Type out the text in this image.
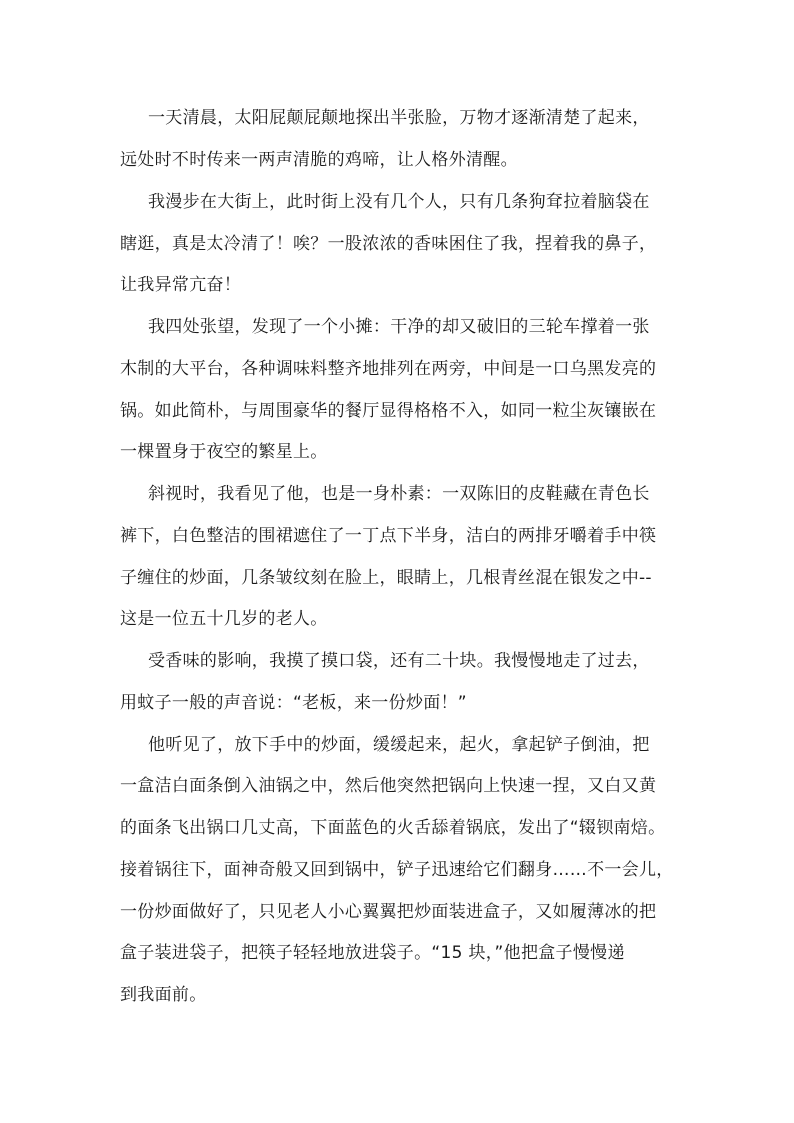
一天清晨，太阳屁颠屁颠地探出半张脸，万物才逐渐清楚了起来，
远处时不时传来一两声清脆的鸡啼，让人格外清醒。
我漫步在大街上，此时街上没有几个人，只有几条狗耷拉着脑袋在
瞎逛，真是太冷清了！唉？一股浓浓的香味困住了我，捏着我的鼻子，
让我异常亢奋！
我四处张望，发现了一个小摊：干净的却又破旧的三轮车撑着一张
木制的大平台，各种调味料整齐地排列在两旁，中间是一口乌黑发亮的
锅。如此简朴，与周围豪华的餐厅显得格格不入，如同一粒尘灰镶嵌在
一棵置身于夜空的繁星上。
斜视时，我看见了他，也是一身朴素：一双陈旧的皮鞋藏在青色长
裤下，白色整洁的围裙遮住了一丁点下半身，洁白的两排牙嚼着手中筷
子缠住的炒面，几条皱纹刻在脸上，眼睛上，几根青丝混在银发之中--
这是一位五十几岁的老人。
受香味的影响，我摸了摸口袋，还有二十块。我慢慢地走了过去，
用蚊子一般的声音说：“老板，来一份炒面！”
他听见了，放下手中的炒面，缓缓起来，起火，拿起铲子倒油，把
一盒洁白面条倒入油锅之中，然后他突然把锅向上快速一捏，又白又黄
的面条飞出锅口几丈高，下面蓝色的火舌舔着锅底，发出了“辍钡南焙。
接着锅往下，面神奇般又回到锅中，铲子迅速给它们翻身……不一会儿，
一份炒面做好了，只见老人小心翼翼把炒面装进盒子，又如履薄冰的把
盒子装进袋子，把筷子轻轻地放进袋子。“15 块，”他把盒子慢慢递
到我面前。
